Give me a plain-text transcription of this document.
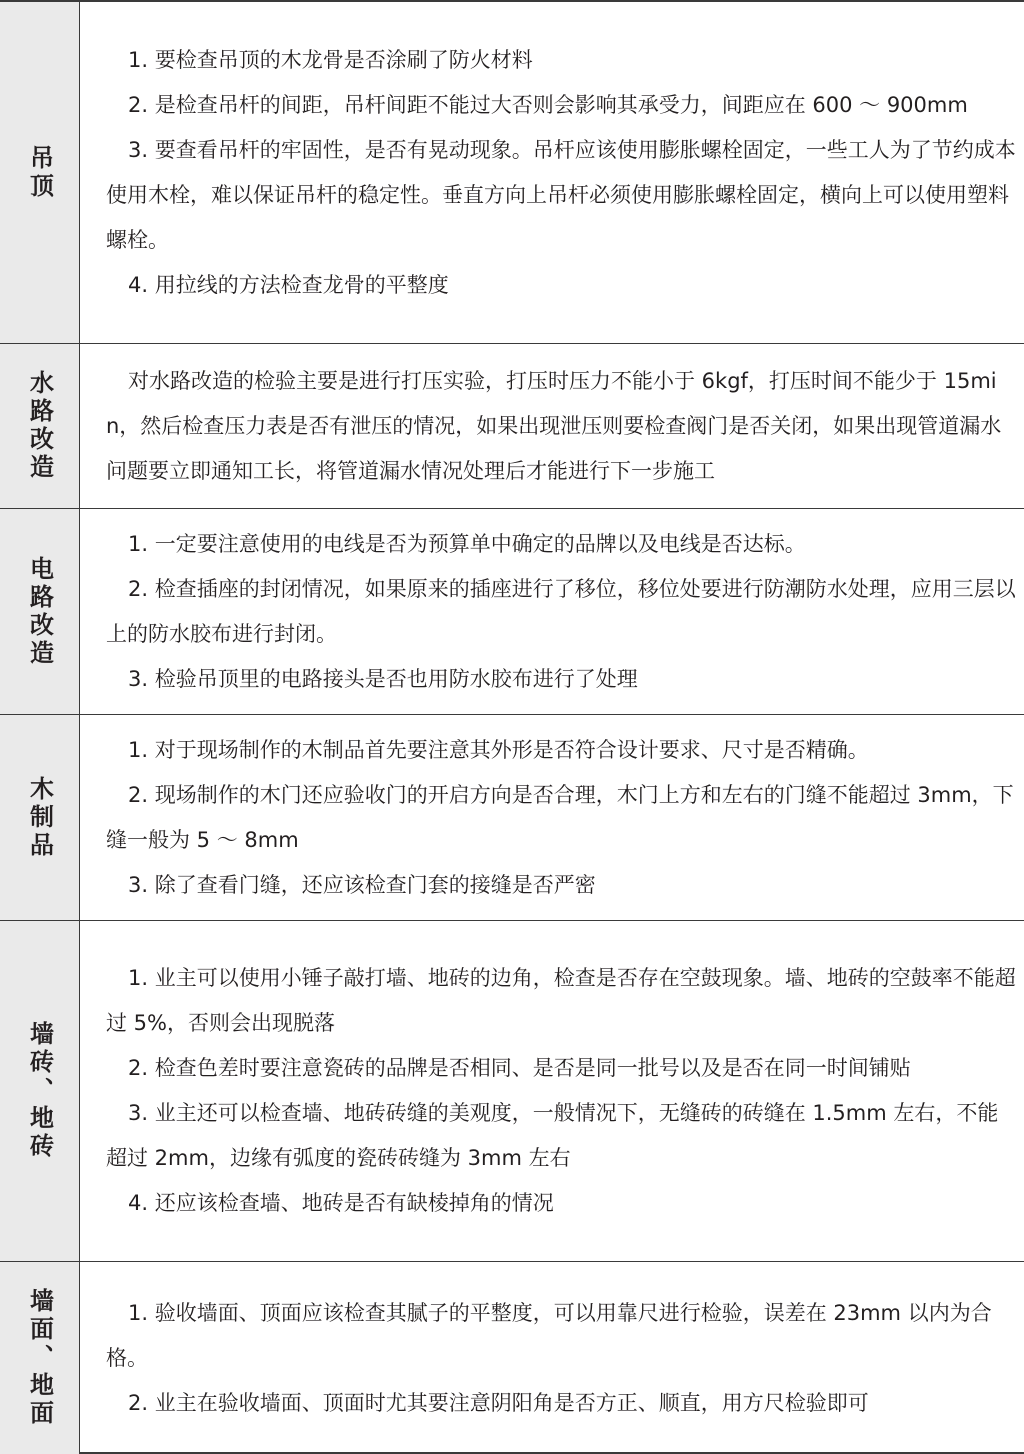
吊顶

1. 要检查吊顶的木龙骨是否涂刷了防火材料

2. 是检查吊杆的间距，吊杆间距不能过大否则会影响其承受力，间距应在 600 ～ 900mm

3. 要查看吊杆的牢固性，是否有晃动现象。吊杆应该使用膨胀螺栓固定，一些工人为了节约成本使用木栓，难以保证吊杆的稳定性。垂直方向上吊杆必须使用膨胀螺栓固定，横向上可以使用塑料螺栓。

4. 用拉线的方法检查龙骨的平整度

水路改造	对水路改造的检验主要是进行打压实验，打压时压力不能小于 6kgf，打压时间不能少于 15min，然后检查压力表是否有泄压的情况，如果出现泄压则要检查阀门是否关闭，如果出现管道漏水问题要立即通知工长，将管道漏水情况处理后才能进行下一步施工

电路改造

1. 一定要注意使用的电线是否为预算单中确定的品牌以及电线是否达标。

2. 检查插座的封闭情况，如果原来的插座进行了移位，移位处要进行防潮防水处理，应用三层以上的防水胶布进行封闭。

3. 检验吊顶里的电路接头是否也用防水胶布进行了处理

木制品

1. 对于现场制作的木制品首先要注意其外形是否符合设计要求、尺寸是否精确。

2. 现场制作的木门还应验收门的开启方向是否合理，木门上方和左右的门缝不能超过 3mm，下缝一般为 5 ～ 8mm

3. 除了查看门缝，还应该检查门套的接缝是否严密

墙砖、地砖

1. 业主可以使用小锤子敲打墙、地砖的边角，检查是否存在空鼓现象。墙、地砖的空鼓率不能超过 5%，否则会出现脱落

2. 检查色差时要注意瓷砖的品牌是否相同、是否是同一批号以及是否在同一时间铺贴

3. 业主还可以检查墙、地砖砖缝的美观度，一般情况下，无缝砖的砖缝在 1.5mm 左右，不能超过 2mm，边缘有弧度的瓷砖砖缝为 3mm 左右

4. 还应该检查墙、地砖是否有缺棱掉角的情况

墙面、地面	1. 验收墙面、顶面应该检查其腻子的平整度，可以用靠尺进行检验，误差在 23mm 以内为合格。

2. 业主在验收墙面、顶面时尤其要注意阴阳角是否方正、顺直，用方尺检验即可
